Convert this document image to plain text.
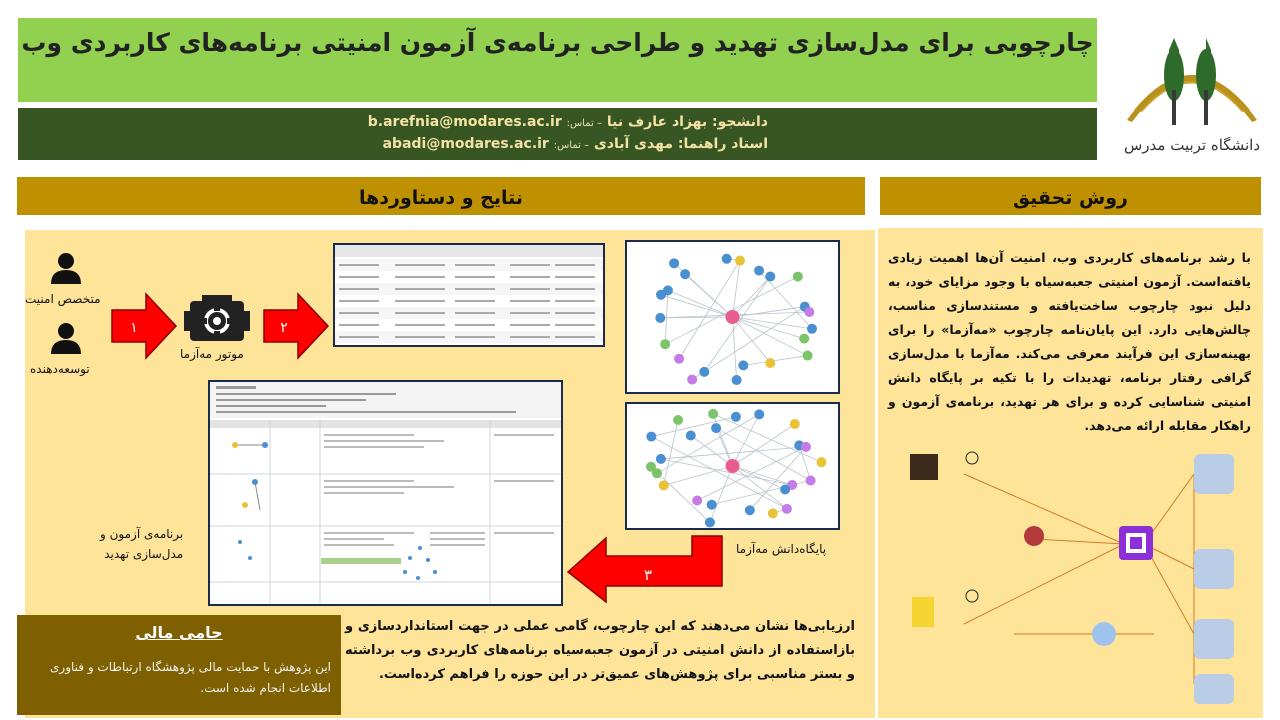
چارچوبی برای مدل‌سازی تهدید و طراحی برنامه‌ی آزمون امنیتی برنامه‌های کاربردی وب
دانشجو: بهزاد عارف نیا – تماس: b.arefnia@modares.ac.ir
استاد راهنما: مهدی آبادی – تماس: abadi@modares.ac.ir	دانشگاه تربیت مدرس
نتایج و دستاوردها	روش تحقیق
متخصص امنیت
توسعه‌دهنده
۱	۲
۳
موتور مه‌آزما
پایگاه‌دانش مه‌آزما
برنامه‌ی آزمون و
مدل‌سازی تهدید
ارزیابی‌ها نشان می‌دهند که این چارچوب، گامی عملی در جهت استانداردسازی و بازاستفاده از دانش امنیتی در آزمون جعبه‌سیاه برنامه‌های کاربردی وب برداشته و بستر مناسبی برای پژوهش‌های عمیق‌تر در این حوزه را فراهم کرده‌است.
حامی مالی
این پژوهش با حمایت مالی پژوهشگاه ارتباطات و فناوری اطلاعات انجام شده است.
با رشد برنامه‌های کاربردی وب، امنیت آن‌ها اهمیت زیادی یافته‌است. آزمون امنیتی جعبه‌سیاه با وجود مزایای خود، به دلیل نبود چارچوب ساخت‌یافته و مستندسازی مناسب، چالش‌هایی دارد. این پایان‌نامه چارچوب «مه‌آزما» را برای بهینه‌سازی این فرآیند معرفی می‌کند. مه‌آزما با مدل‌سازی گرافی رفتار برنامه، تهدیدات را با تکیه بر پایگاه دانش امنیتی شناسایی کرده و برای هر تهدید، برنامه‌ی آزمون و راهکار مقابله ارائه می‌دهد.
